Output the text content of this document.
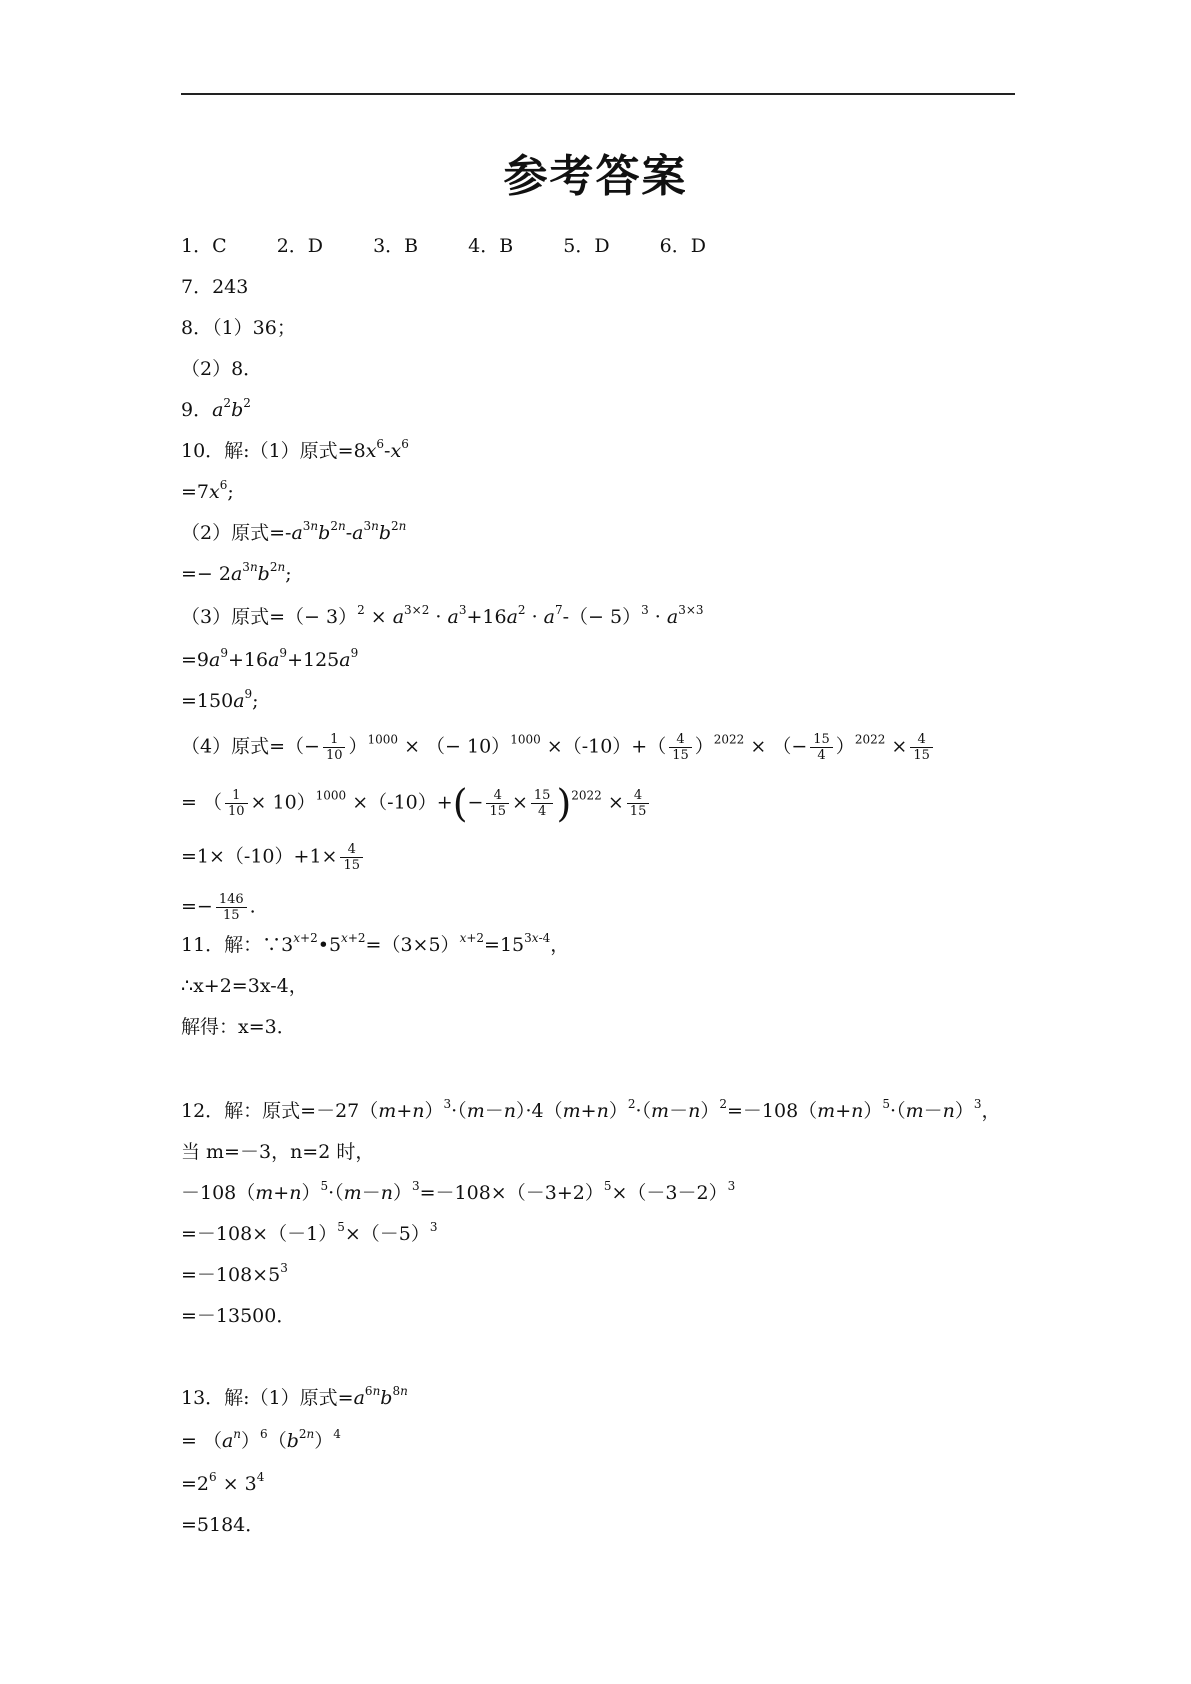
参考答案
1．C	2．D	3．B	4．B	5．D	6．D
7．243
8．（1）36；
（2）8．
9．$a^2b^2$
10．解:（1）原式$=8x^6-x^6$
$=7x^6$;
（2）原式$=-a^{3n}b^{2n}-a^{3n}b^{2n}$
=− $2a^{3n}b^{2n}$;
（3）原式=（− $3)^2 \times a^{3\times 2} \cdot a^3+16a^2 \cdot a^7-(- 5)^3 \cdot a^{3\times 3}$
$=9a^9+16a^9+125a^9$
$=150a^9$;
（4）原式=（− $\frac{1}{10} )^{1000}$ × （− $10)^{1000} \times(-10)+( \frac{4}{15} )^{2022}$ × （− $\frac{15}{4} )^{2022} \times \frac{4}{15}$
= （ $\frac{1}{10} \times 10)^{1000} \times(-10)+(- \frac{4}{15} \times \frac{15}{4} )^{2022} \times \frac{4}{15}$
$=1\times(-10)+1\times \frac{4}{15}$
=− $\frac{146}{15}$ .
11．解：$\because 3^{x+2}•5^{x+2}=(3\times 5)^{x+2}=15^{3x-4}$，
∴x+2=3x-4，
解得：x=3．
12．解：原式$=-27(m+n)^3\cdot(m-n)\cdot 4(m+n)^2\cdot(m-n)^2=-108(m+n)^5\cdot(m-n)^3$，
当 m=－3，n=2 时，
$-108(m+n)^5\cdot(m-n)^3=-108\times(-3+2)^5\times(-3-2)^3$
$=-108\times(-1)^5\times(-5)^3$
$=-108\times 5^3$
=－13500．
13．解:（1）原式$=a^{6n}b^{8n}$
= $(a^n)^6(b^{2n})^4$
$=2^6 \times 3^4$
=5184．
